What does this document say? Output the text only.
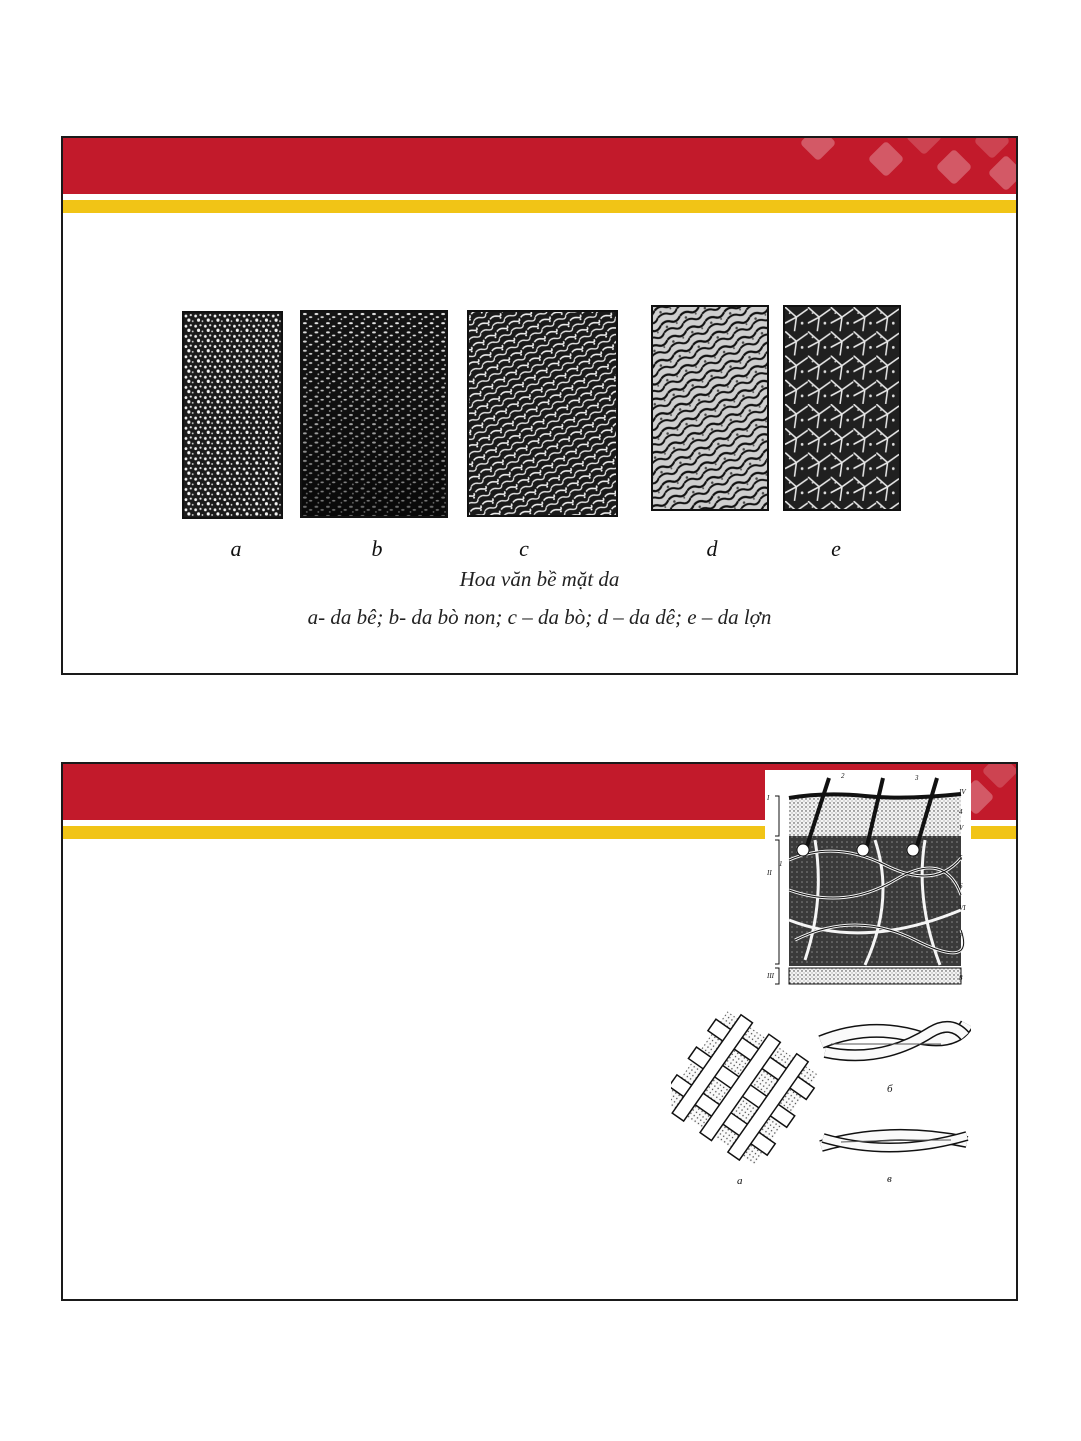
a	b	c	d	e
Hoa văn bề mặt da
a- da bê; b- da bò non; c – da bò; d – da dê; e – da lợn
I
II
III
IV
V
VI
1
2	3
4
5
6
7
8
а
б
в
